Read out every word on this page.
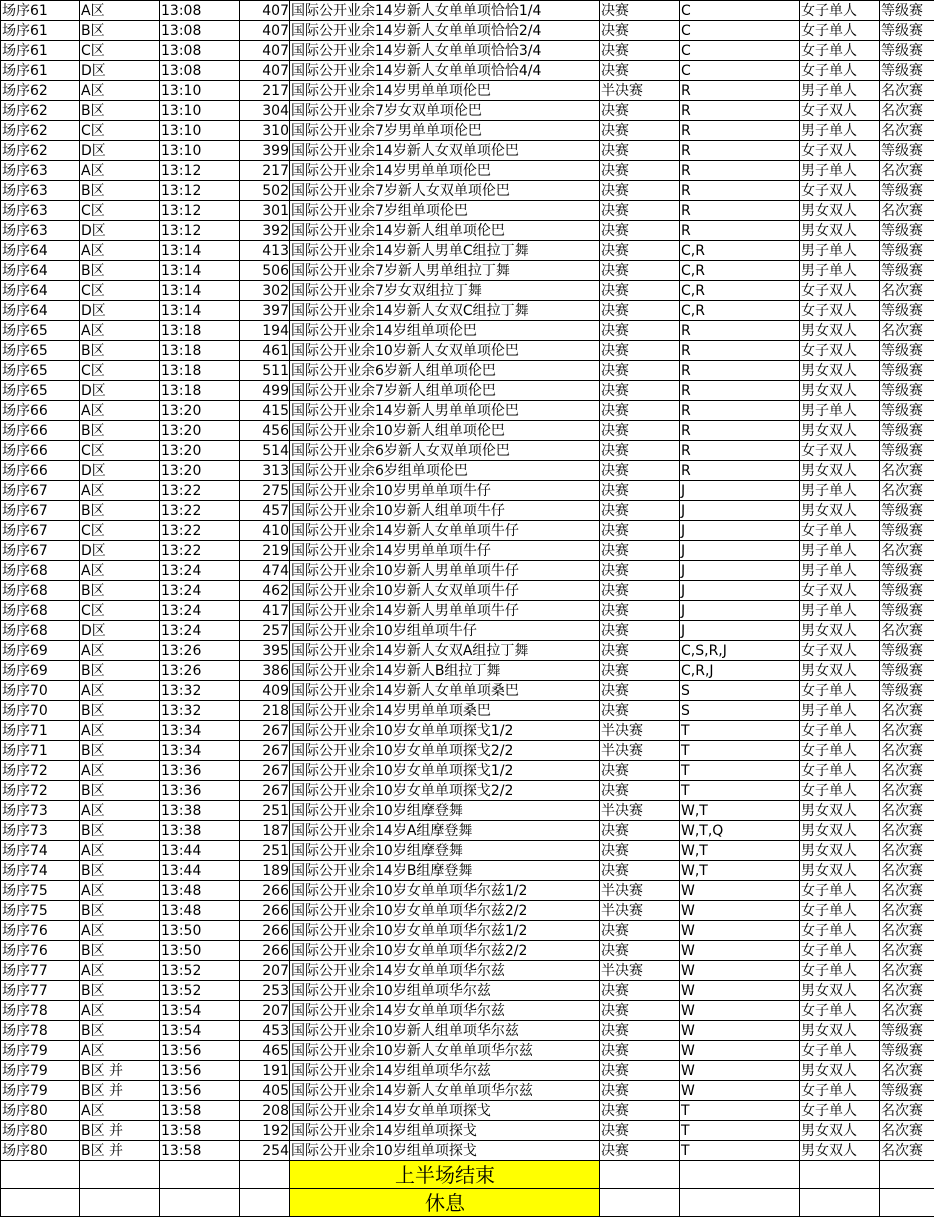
场序61	A区	13:08	407	国际公开业余14岁新人女单单项恰恰1/4	决赛	C	女子单人	等级赛
场序61	B区	13:08	407	国际公开业余14岁新人女单单项恰恰2/4	决赛	C	女子单人	等级赛
场序61	C区	13:08	407	国际公开业余14岁新人女单单项恰恰3/4	决赛	C	女子单人	等级赛
场序61	D区	13:08	407	国际公开业余14岁新人女单单项恰恰4/4	决赛	C	女子单人	等级赛
场序62	A区	13:10	217	国际公开业余14岁男单单项伦巴	半决赛	R	男子单人	名次赛
场序62	B区	13:10	304	国际公开业余7岁女双单项伦巴	决赛	R	女子双人	名次赛
场序62	C区	13:10	310	国际公开业余7岁男单单项伦巴	决赛	R	男子单人	名次赛
场序62	D区	13:10	399	国际公开业余14岁新人女双单项伦巴	决赛	R	女子双人	等级赛
场序63	A区	13:12	217	国际公开业余14岁男单单项伦巴	决赛	R	男子单人	名次赛
场序63	B区	13:12	502	国际公开业余7岁新人女双单项伦巴	决赛	R	女子双人	等级赛
场序63	C区	13:12	301	国际公开业余7岁组单项伦巴	决赛	R	男女双人	名次赛
场序63	D区	13:12	392	国际公开业余14岁新人组单项伦巴	决赛	R	男女双人	等级赛
场序64	A区	13:14	413	国际公开业余14岁新人男单C组拉丁舞	决赛	C,R	男子单人	等级赛
场序64	B区	13:14	506	国际公开业余7岁新人男单组拉丁舞	决赛	C,R	男子单人	等级赛
场序64	C区	13:14	302	国际公开业余7岁女双组拉丁舞	决赛	C,R	女子双人	名次赛
场序64	D区	13:14	397	国际公开业余14岁新人女双C组拉丁舞	决赛	C,R	女子双人	等级赛
场序65	A区	13:18	194	国际公开业余14岁组单项伦巴	决赛	R	男女双人	名次赛
场序65	B区	13:18	461	国际公开业余10岁新人女双单项伦巴	决赛	R	女子双人	等级赛
场序65	C区	13:18	511	国际公开业余6岁新人组单项伦巴	决赛	R	男女双人	等级赛
场序65	D区	13:18	499	国际公开业余7岁新人组单项伦巴	决赛	R	男女双人	等级赛
场序66	A区	13:20	415	国际公开业余14岁新人男单单项伦巴	决赛	R	男子单人	等级赛
场序66	B区	13:20	456	国际公开业余10岁新人组单项伦巴	决赛	R	男女双人	等级赛
场序66	C区	13:20	514	国际公开业余6岁新人女双单项伦巴	决赛	R	女子双人	等级赛
场序66	D区	13:20	313	国际公开业余6岁组单项伦巴	决赛	R	男女双人	名次赛
场序67	A区	13:22	275	国际公开业余10岁男单单项牛仔	决赛	J	男子单人	名次赛
场序67	B区	13:22	457	国际公开业余10岁新人组单项牛仔	决赛	J	男女双人	等级赛
场序67	C区	13:22	410	国际公开业余14岁新人女单单项牛仔	决赛	J	女子单人	等级赛
场序67	D区	13:22	219	国际公开业余14岁男单单项牛仔	决赛	J	男子单人	名次赛
场序68	A区	13:24	474	国际公开业余10岁新人男单单项牛仔	决赛	J	男子单人	等级赛
场序68	B区	13:24	462	国际公开业余10岁新人女双单项牛仔	决赛	J	女子双人	等级赛
场序68	C区	13:24	417	国际公开业余14岁新人男单单项牛仔	决赛	J	男子单人	等级赛
场序68	D区	13:24	257	国际公开业余10岁组单项牛仔	决赛	J	男女双人	名次赛
场序69	A区	13:26	395	国际公开业余14岁新人女双A组拉丁舞	决赛	C,S,R,J	女子双人	等级赛
场序69	B区	13:26	386	国际公开业余14岁新人B组拉丁舞	决赛	C,R,J	男女双人	等级赛
场序70	A区	13:32	409	国际公开业余14岁新人女单单项桑巴	决赛	S	女子单人	等级赛
场序70	B区	13:32	218	国际公开业余14岁男单单项桑巴	决赛	S	男子单人	名次赛
场序71	A区	13:34	267	国际公开业余10岁女单单项探戈1/2	半决赛	T	女子单人	名次赛
场序71	B区	13:34	267	国际公开业余10岁女单单项探戈2/2	半决赛	T	女子单人	名次赛
场序72	A区	13:36	267	国际公开业余10岁女单单项探戈1/2	决赛	T	女子单人	名次赛
场序72	B区	13:36	267	国际公开业余10岁女单单项探戈2/2	决赛	T	女子单人	名次赛
场序73	A区	13:38	251	国际公开业余10岁组摩登舞	半决赛	W,T	男女双人	名次赛
场序73	B区	13:38	187	国际公开业余14岁A组摩登舞	决赛	W,T,Q	男女双人	名次赛
场序74	A区	13:44	251	国际公开业余10岁组摩登舞	决赛	W,T	男女双人	名次赛
场序74	B区	13:44	189	国际公开业余14岁B组摩登舞	决赛	W,T	男女双人	名次赛
场序75	A区	13:48	266	国际公开业余10岁女单单项华尔兹1/2	半决赛	W	女子单人	名次赛
场序75	B区	13:48	266	国际公开业余10岁女单单项华尔兹2/2	半决赛	W	女子单人	名次赛
场序76	A区	13:50	266	国际公开业余10岁女单单项华尔兹1/2	决赛	W	女子单人	名次赛
场序76	B区	13:50	266	国际公开业余10岁女单单项华尔兹2/2	决赛	W	女子单人	名次赛
场序77	A区	13:52	207	国际公开业余14岁女单单项华尔兹	半决赛	W	女子单人	名次赛
场序77	B区	13:52	253	国际公开业余10岁组单项华尔兹	决赛	W	男女双人	名次赛
场序78	A区	13:54	207	国际公开业余14岁女单单项华尔兹	决赛	W	女子单人	名次赛
场序78	B区	13:54	453	国际公开业余10岁新人组单项华尔兹	决赛	W	男女双人	等级赛
场序79	A区	13:56	465	国际公开业余10岁新人女单单项华尔兹	决赛	W	女子单人	等级赛
场序79	B区 并	13:56	191	国际公开业余14岁组单项华尔兹	决赛	W	男女双人	名次赛
场序79	B区 并	13:56	405	国际公开业余14岁新人女单单项华尔兹	决赛	W	女子单人	等级赛
场序80	A区	13:58	208	国际公开业余14岁女单单项探戈	决赛	T	女子单人	名次赛
场序80	B区 并	13:58	192	国际公开业余14岁组单项探戈	决赛	T	男女双人	名次赛
场序80	B区 并	13:58	254	国际公开业余10岁组单项探戈	决赛	T	男女双人	名次赛
				上半场结束				
				休息				
